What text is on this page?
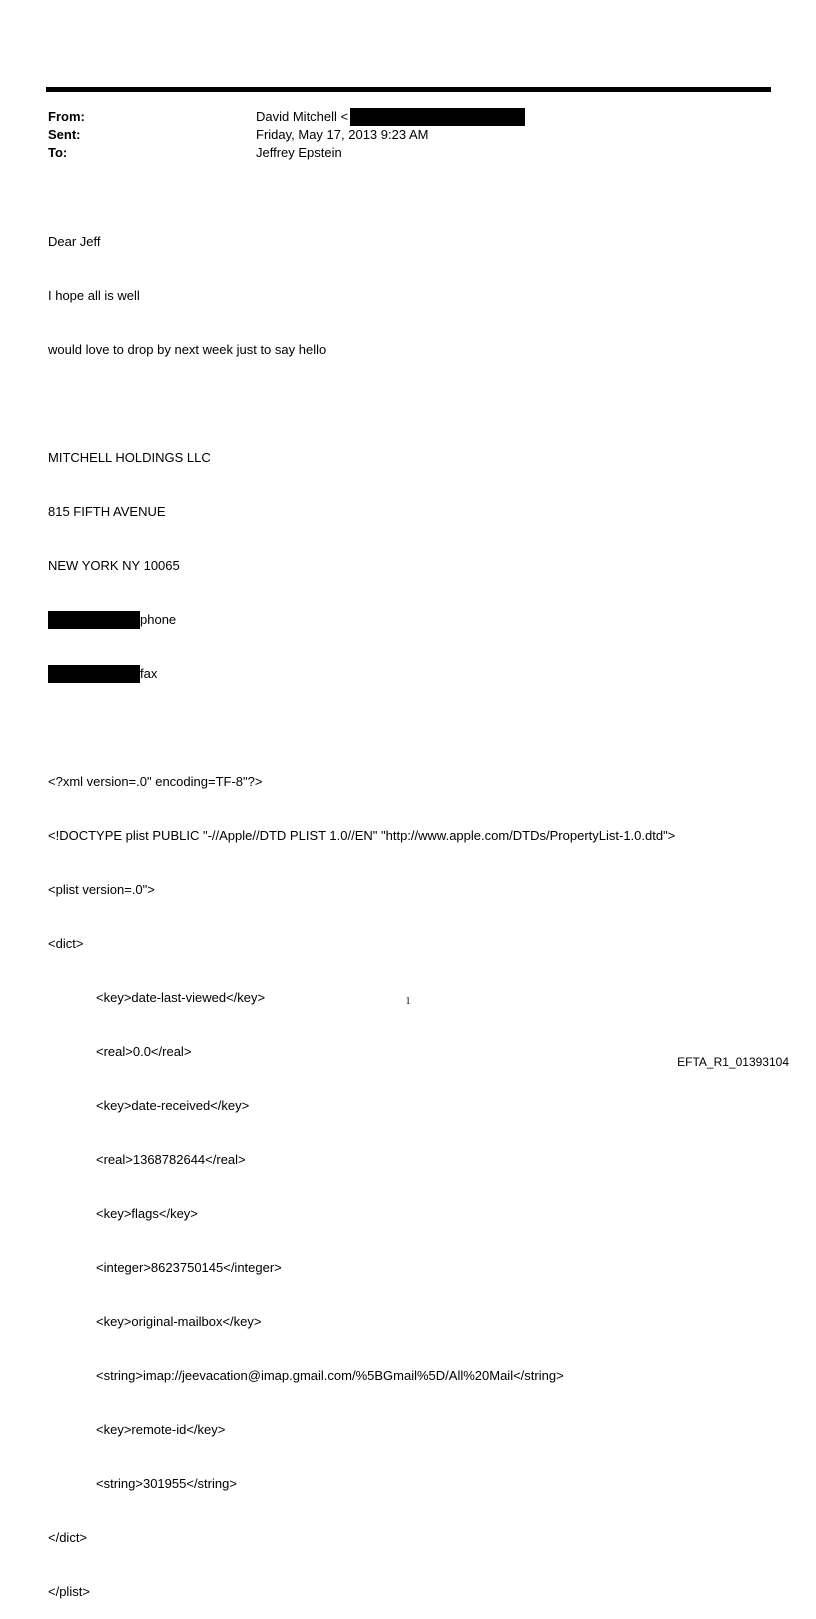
From:	David Mitchell <
Sent:	Friday, May 17, 2013 9:23 AM
To:	Jeffrey Epstein

Dear Jeff

I hope all is well

would love to drop by next week just to say hello

MITCHELL HOLDINGS LLC

815 FIFTH AVENUE

NEW YORK NY 10065

phone

fax

<?xml version=.0" encoding=TF-8"?>

<!DOCTYPE plist PUBLIC "-//Apple//DTD PLIST 1.0//EN" "http://www.apple.com/DTDs/PropertyList-1.0.dtd">

<plist version=.0">

<dict>

<key>date-last-viewed</key>

<real>0.0</real>

<key>date-received</key>

<real>1368782644</real>

<key>flags</key>

<integer>8623750145</integer>

<key>original-mailbox</key>

<string>imap://jeevacation@imap.gmail.com/%5BGmail%5D/All%20Mail</string>

<key>remote-id</key>

<string>301955</string>

</dict>

</plist>

1
EFTA_R1_01393104
